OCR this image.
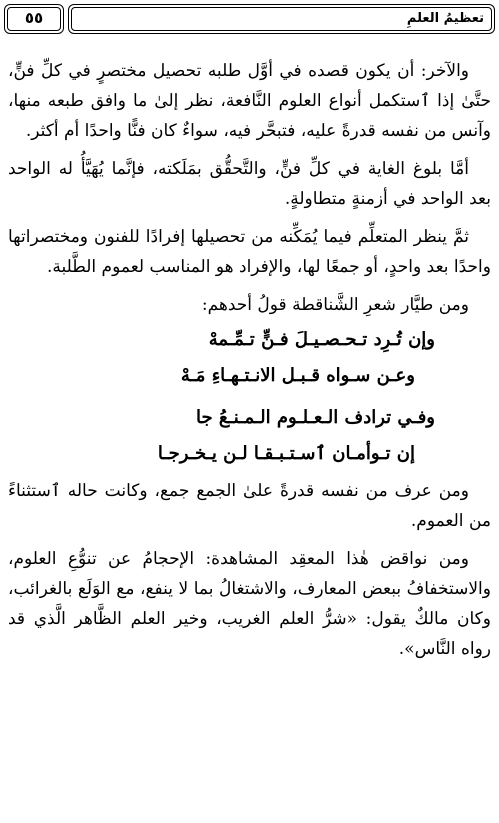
تعظيمُ العلمِ
٥٥

والآخر: أن يكون قصده في أوَّل طلبه تحصيل مختصرٍ في كلِّ فنٍّ، حتَّىٰ إذا ٱستكمل أنواع العلوم النَّافعة، نظر إلىٰ ما وافق طبعه منها، وآنس من نفسه قدرةً عليه، فتبحَّر فيه، سواءٌ كان فنًّا واحدًا أم أكثر.

أمَّا بلوغ الغاية في كلِّ فنٍّ، والتَّحقُّق بمَلَكته، فإنَّما يُهَيَّأُ له الواحد بعد الواحد في أزمنةٍ متطاولةٍ.

ثمَّ ينظر المتعلِّم فيما يُمَكِّنه من تحصيلها إفرادًا للفنون ومختصراتها واحدًا بعد واحدٍ، أو جمعًا لها، والإفراد هو المناسب لعموم الطَّلبة.

ومن طيَّار شعرِ الشَّناقطة قولُ أحدهم:

وإن تُـرِد تـحـصـيـلَ فـنٍّ تـمِّـمهْ
وعـن سـواه قـبـل الانـتـهـاءِ مَـهْ
وفـي ترادف الـعـلـوم الـمـنـعُ جا
إن تـوأمـان ٱسـتـبـقـا لـن يـخـرجـا

ومن عرف من نفسه قدرةً علىٰ الجمع جمع، وكانت حاله ٱستثناءً من العموم.

ومن نواقض هٰذا المعقِد المشاهدة: الإحجامُ عن تنوُّعِ العلوم، والاستخفافُ ببعض المعارف، والاشتغالُ بما لا ينفع، مع الوَلَع بالغرائب، وكان مالكٌ يقول: «شرُّ العلم الغريب، وخير العلم الظَّاهر الَّذي قد رواه النَّاس».
